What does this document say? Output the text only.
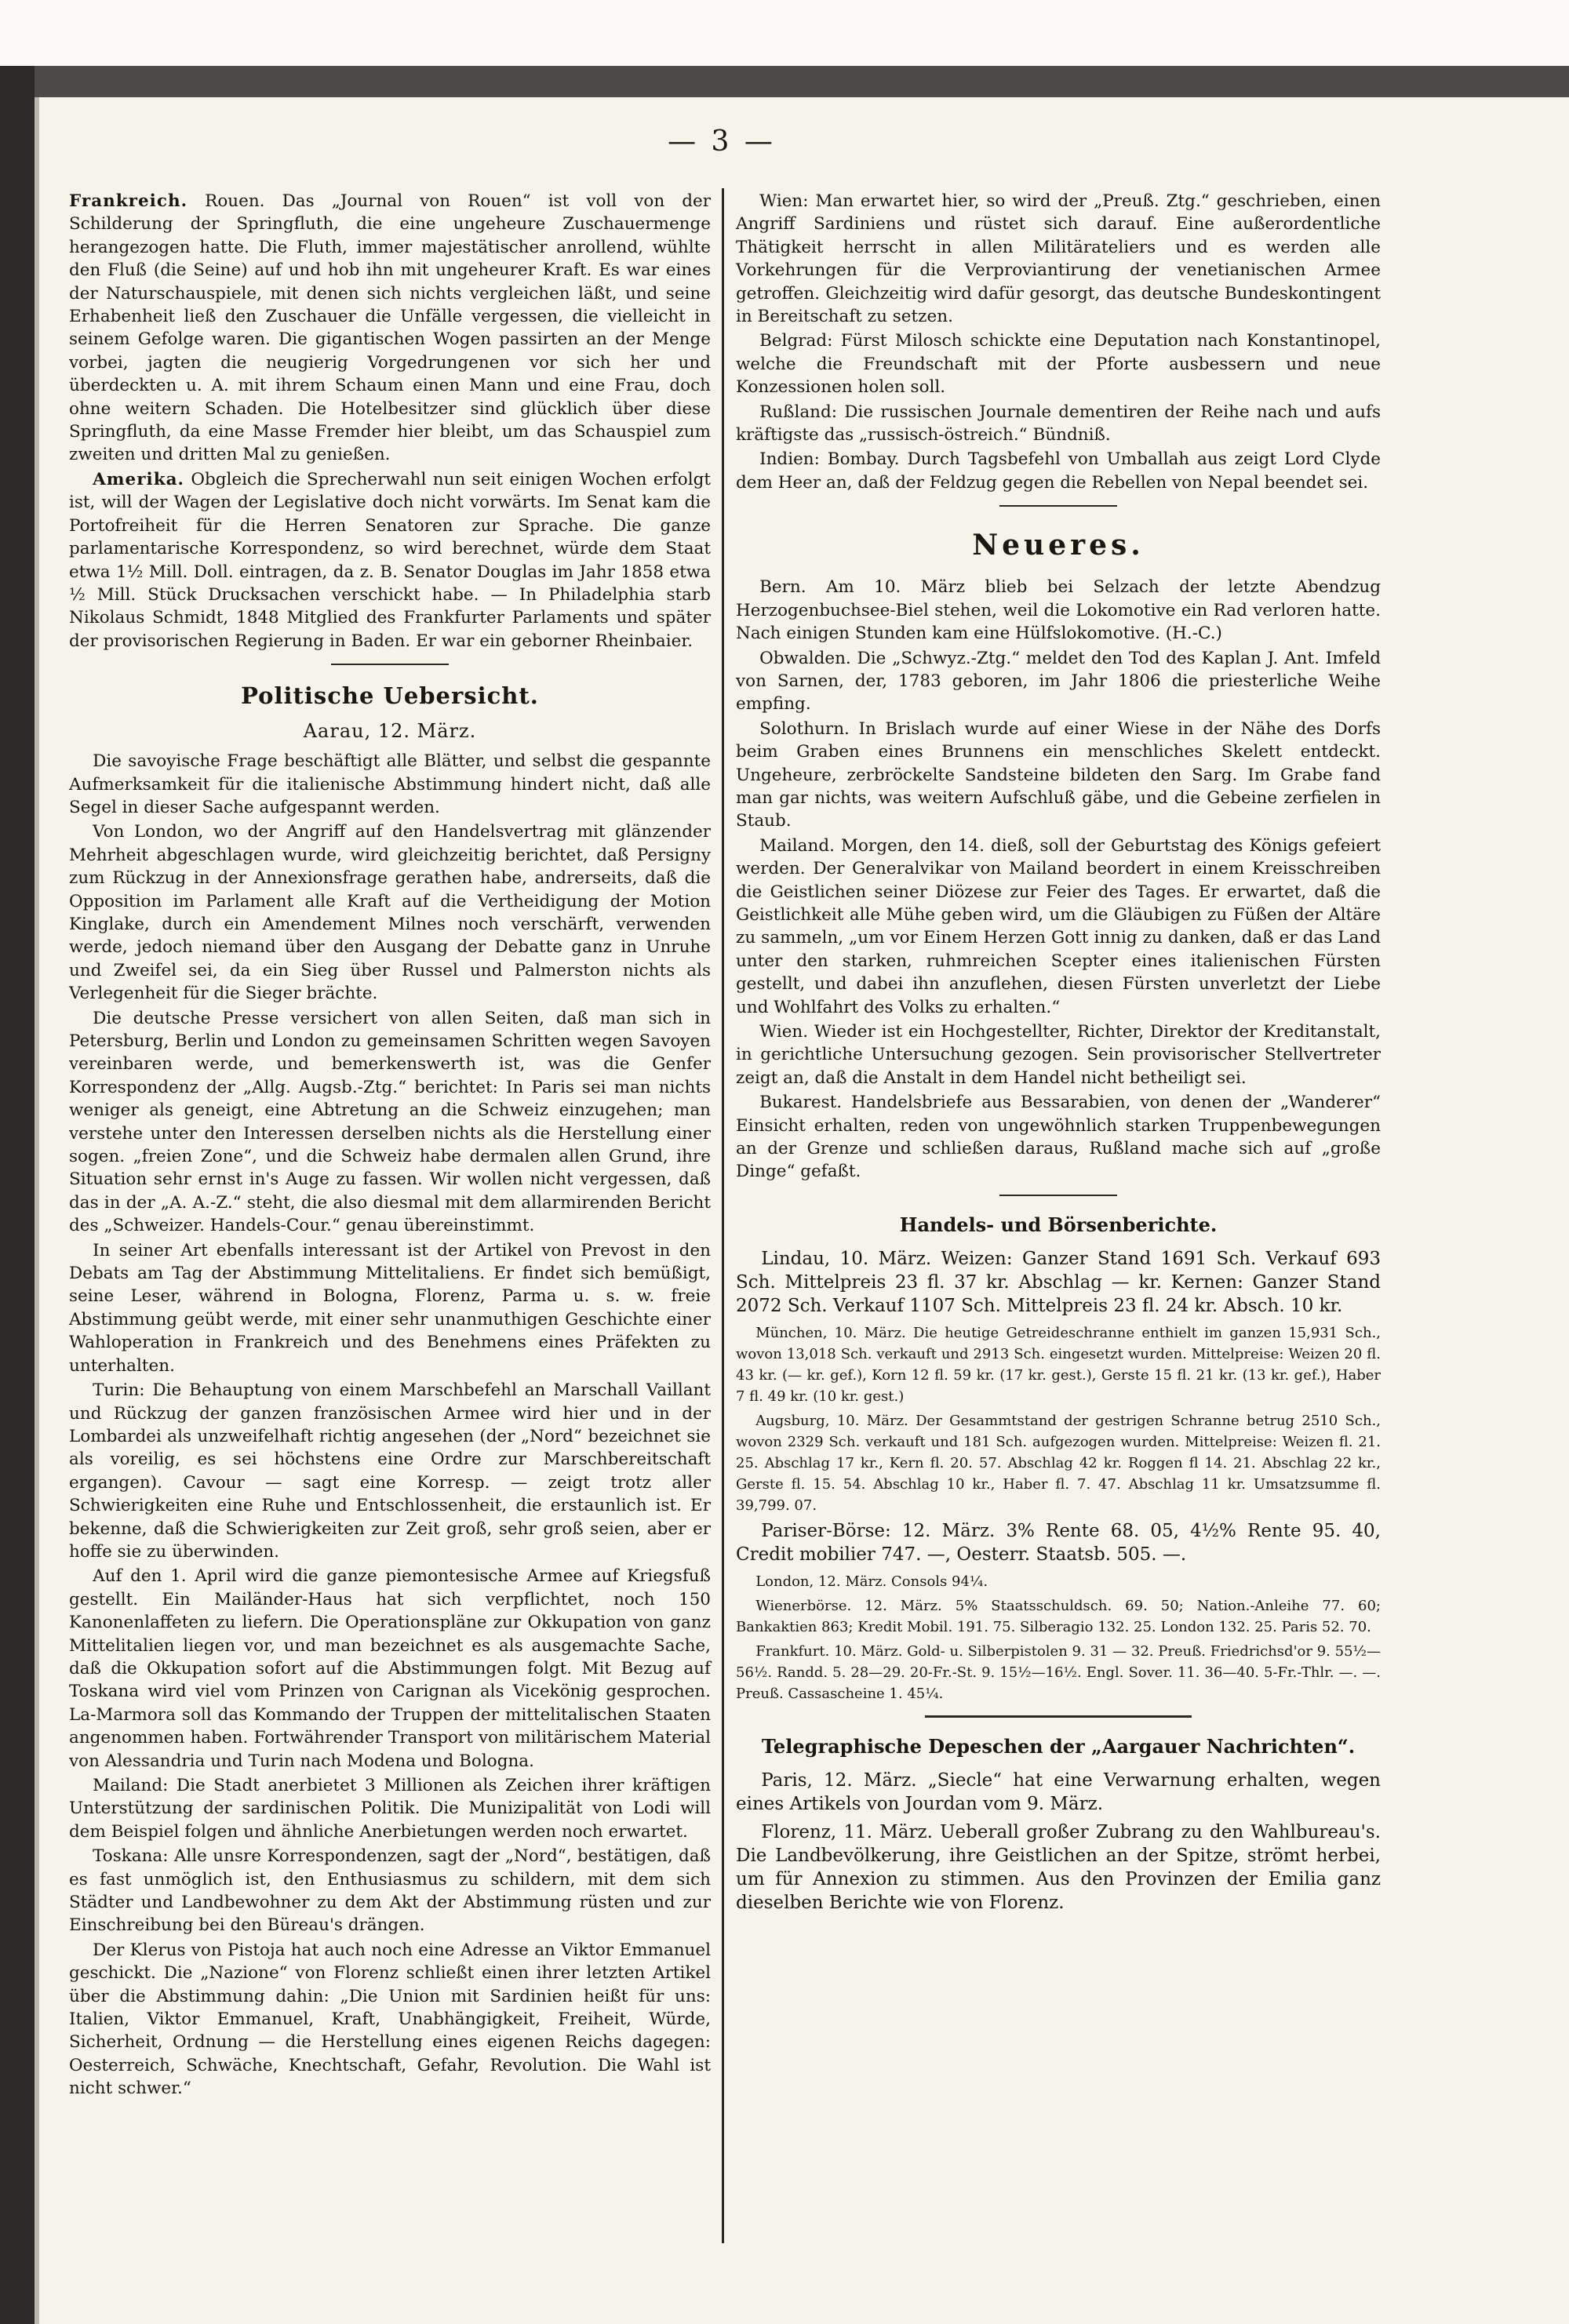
— 3 —

Frankreich. Rouen. Das „Journal von Rouen“ ist voll von der Schilderung der Springfluth, die eine ungeheure Zuschauermenge herangezogen hatte. Die Fluth, immer majestätischer anrollend, wühlte den Fluß (die Seine) auf und hob ihn mit ungeheurer Kraft. Es war eines der Naturschauspiele, mit denen sich nichts vergleichen läßt, und seine Erhabenheit ließ den Zuschauer die Unfälle vergessen, die vielleicht in seinem Gefolge waren. Die gigantischen Wogen passirten an der Menge vorbei, jagten die neugierig Vorgedrungenen vor sich her und überdeckten u. A. mit ihrem Schaum einen Mann und eine Frau, doch ohne weitern Schaden. Die Hotelbesitzer sind glücklich über diese Springfluth, da eine Masse Fremder hier bleibt, um das Schauspiel zum zweiten und dritten Mal zu genießen.

Amerika. Obgleich die Sprecherwahl nun seit einigen Wochen erfolgt ist, will der Wagen der Legislative doch nicht vorwärts. Im Senat kam die Portofreiheit für die Herren Senatoren zur Sprache. Die ganze parlamentarische Korrespondenz, so wird berechnet, würde dem Staat etwa 1½ Mill. Doll. eintragen, da z. B. Senator Douglas im Jahr 1858 etwa ½ Mill. Stück Drucksachen verschickt habe. — In Philadelphia starb Nikolaus Schmidt, 1848 Mitglied des Frankfurter Parlaments und später der provisorischen Regierung in Baden. Er war ein geborner Rheinbaier.

Politische Uebersicht.
Aarau, 12. März.

Die savoyische Frage beschäftigt alle Blätter, und selbst die gespannte Aufmerksamkeit für die italienische Abstimmung hindert nicht, daß alle Segel in dieser Sache aufgespannt werden.

Von London, wo der Angriff auf den Handelsvertrag mit glänzender Mehrheit abgeschlagen wurde, wird gleichzeitig berichtet, daß Persigny zum Rückzug in der Annexionsfrage gerathen habe, andrerseits, daß die Opposition im Parlament alle Kraft auf die Vertheidigung der Motion Kinglake, durch ein Amendement Milnes noch verschärft, verwenden werde, jedoch niemand über den Ausgang der Debatte ganz in Unruhe und Zweifel sei, da ein Sieg über Russel und Palmerston nichts als Verlegenheit für die Sieger brächte.

Die deutsche Presse versichert von allen Seiten, daß man sich in Petersburg, Berlin und London zu gemeinsamen Schritten wegen Savoyen vereinbaren werde, und bemerkenswerth ist, was die Genfer Korrespondenz der „Allg. Augsb.-Ztg.“ berichtet: In Paris sei man nichts weniger als geneigt, eine Abtretung an die Schweiz einzugehen; man verstehe unter den Interessen derselben nichts als die Herstellung einer sogen. „freien Zone“, und die Schweiz habe dermalen allen Grund, ihre Situation sehr ernst in's Auge zu fassen. Wir wollen nicht vergessen, daß das in der „A. A.-Z.“ steht, die also diesmal mit dem allarmirenden Bericht des „Schweizer. Handels-Cour.“ genau übereinstimmt.

In seiner Art ebenfalls interessant ist der Artikel von Prevost in den Debats am Tag der Abstimmung Mittelitaliens. Er findet sich bemüßigt, seine Leser, während in Bologna, Florenz, Parma u. s. w. freie Abstimmung geübt werde, mit einer sehr unanmuthigen Geschichte einer Wahloperation in Frankreich und des Benehmens eines Präfekten zu unterhalten.

Turin: Die Behauptung von einem Marschbefehl an Marschall Vaillant und Rückzug der ganzen französischen Armee wird hier und in der Lombardei als unzweifelhaft richtig angesehen (der „Nord“ bezeichnet sie als voreilig, es sei höchstens eine Ordre zur Marschbereitschaft ergangen). Cavour — sagt eine Korresp. — zeigt trotz aller Schwierigkeiten eine Ruhe und Entschlossenheit, die erstaunlich ist. Er bekenne, daß die Schwierigkeiten zur Zeit groß, sehr groß seien, aber er hoffe sie zu überwinden.

Auf den 1. April wird die ganze piemontesische Armee auf Kriegsfuß gestellt. Ein Mailänder-Haus hat sich verpflichtet, noch 150 Kanonenlaffeten zu liefern. Die Operationspläne zur Okkupation von ganz Mittelitalien liegen vor, und man bezeichnet es als ausgemachte Sache, daß die Okkupation sofort auf die Abstimmungen folgt. Mit Bezug auf Toskana wird viel vom Prinzen von Carignan als Vicekönig gesprochen. La-Marmora soll das Kommando der Truppen der mittelitalischen Staaten angenommen haben. Fortwährender Transport von militärischem Material von Alessandria und Turin nach Modena und Bologna.

Mailand: Die Stadt anerbietet 3 Millionen als Zeichen ihrer kräftigen Unterstützung der sardinischen Politik. Die Munizipalität von Lodi will dem Beispiel folgen und ähnliche Anerbietungen werden noch erwartet.

Toskana: Alle unsre Korrespondenzen, sagt der „Nord“, bestätigen, daß es fast unmöglich ist, den Enthusiasmus zu schildern, mit dem sich Städter und Landbewohner zu dem Akt der Abstimmung rüsten und zur Einschreibung bei den Büreau's drängen.

Der Klerus von Pistoja hat auch noch eine Adresse an Viktor Emmanuel geschickt. Die „Nazione“ von Florenz schließt einen ihrer letzten Artikel über die Abstimmung dahin: „Die Union mit Sardinien heißt für uns: Italien, Viktor Emmanuel, Kraft, Unabhängigkeit, Freiheit, Würde, Sicherheit, Ordnung — die Herstellung eines eigenen Reichs dagegen: Oesterreich, Schwäche, Knechtschaft, Gefahr, Revolution. Die Wahl ist nicht schwer.“

Wien: Man erwartet hier, so wird der „Preuß. Ztg.“ geschrieben, einen Angriff Sardiniens und rüstet sich darauf. Eine außerordentliche Thätigkeit herrscht in allen Militärateliers und es werden alle Vorkehrungen für die Verproviantirung der venetianischen Armee getroffen. Gleichzeitig wird dafür gesorgt, das deutsche Bundeskontingent in Bereitschaft zu setzen.

Belgrad: Fürst Milosch schickte eine Deputation nach Konstantinopel, welche die Freundschaft mit der Pforte ausbessern und neue Konzessionen holen soll.

Rußland: Die russischen Journale dementiren der Reihe nach und aufs kräftigste das „russisch-östreich.“ Bündniß.

Indien: Bombay. Durch Tagsbefehl von Umballah aus zeigt Lord Clyde dem Heer an, daß der Feldzug gegen die Rebellen von Nepal beendet sei.

Neueres.

Bern. Am 10. März blieb bei Selzach der letzte Abendzug Herzogenbuchsee-Biel stehen, weil die Lokomotive ein Rad verloren hatte. Nach einigen Stunden kam eine Hülfslokomotive. (H.-C.)

Obwalden. Die „Schwyz.-Ztg.“ meldet den Tod des Kaplan J. Ant. Imfeld von Sarnen, der, 1783 geboren, im Jahr 1806 die priesterliche Weihe empfing.

Solothurn. In Brislach wurde auf einer Wiese in der Nähe des Dorfs beim Graben eines Brunnens ein menschliches Skelett entdeckt. Ungeheure, zerbröckelte Sandsteine bildeten den Sarg. Im Grabe fand man gar nichts, was weitern Aufschluß gäbe, und die Gebeine zerfielen in Staub.

Mailand. Morgen, den 14. dieß, soll der Geburtstag des Königs gefeiert werden. Der Generalvikar von Mailand beordert in einem Kreisschreiben die Geistlichen seiner Diözese zur Feier des Tages. Er erwartet, daß die Geistlichkeit alle Mühe geben wird, um die Gläubigen zu Füßen der Altäre zu sammeln, „um vor Einem Herzen Gott innig zu danken, daß er das Land unter den starken, ruhmreichen Scepter eines italienischen Fürsten gestellt, und dabei ihn anzuflehen, diesen Fürsten unverletzt der Liebe und Wohlfahrt des Volks zu erhalten.“

Wien. Wieder ist ein Hochgestellter, Richter, Direktor der Kreditanstalt, in gerichtliche Untersuchung gezogen. Sein provisorischer Stellvertreter zeigt an, daß die Anstalt in dem Handel nicht betheiligt sei.

Bukarest. Handelsbriefe aus Bessarabien, von denen der „Wanderer“ Einsicht erhalten, reden von ungewöhnlich starken Truppenbewegungen an der Grenze und schließen daraus, Rußland mache sich auf „große Dinge“ gefaßt.

Handels- und Börsenberichte.

Lindau, 10. März. Weizen: Ganzer Stand 1691 Sch. Verkauf 693 Sch. Mittelpreis 23 fl. 37 kr. Abschlag — kr. Kernen: Ganzer Stand 2072 Sch. Verkauf 1107 Sch. Mittelpreis 23 fl. 24 kr. Absch. 10 kr.

München, 10. März. Die heutige Getreideschranne enthielt im ganzen 15,931 Sch., wovon 13,018 Sch. verkauft und 2913 Sch. eingesetzt wurden. Mittelpreise: Weizen 20 fl. 43 kr. (— kr. gef.), Korn 12 fl. 59 kr. (17 kr. gest.), Gerste 15 fl. 21 kr. (13 kr. gef.), Haber 7 fl. 49 kr. (10 kr. gest.)

Augsburg, 10. März. Der Gesammtstand der gestrigen Schranne betrug 2510 Sch., wovon 2329 Sch. verkauft und 181 Sch. aufgezogen wurden. Mittelpreise: Weizen fl. 21. 25. Abschlag 17 kr., Kern fl. 20. 57. Abschlag 42 kr. Roggen fl 14. 21. Abschlag 22 kr., Gerste fl. 15. 54. Abschlag 10 kr., Haber fl. 7. 47. Abschlag 11 kr. Umsatzsumme fl. 39,799. 07.

Pariser-Börse: 12. März. 3% Rente 68. 05, 4½% Rente 95. 40, Credit mobilier 747. —, Oesterr. Staatsb. 505. —.

London, 12. März. Consols 94¼.

Wienerbörse. 12. März. 5% Staatsschuldsch. 69. 50; Nation.-Anleihe 77. 60; Bankaktien 863; Kredit Mobil. 191. 75. Silberagio 132. 25. London 132. 25. Paris 52. 70.

Frankfurt. 10. März. Gold- u. Silberpistolen 9. 31 — 32. Preuß. Friedrichsd'or 9. 55½—56½. Randd. 5. 28—29. 20-Fr.-St. 9. 15½—16½. Engl. Sover. 11. 36—40. 5-Fr.-Thlr. —. —. Preuß. Cassascheine 1. 45¼.

Telegraphische Depeschen der „Aargauer Nachrichten“.

Paris, 12. März. „Siecle“ hat eine Verwarnung erhalten, wegen eines Artikels von Jourdan vom 9. März.

Florenz, 11. März. Ueberall großer Zubrang zu den Wahlbureau's. Die Landbevölkerung, ihre Geistlichen an der Spitze, strömt herbei, um für Annexion zu stimmen. Aus den Provinzen der Emilia ganz dieselben Berichte wie von Florenz.
